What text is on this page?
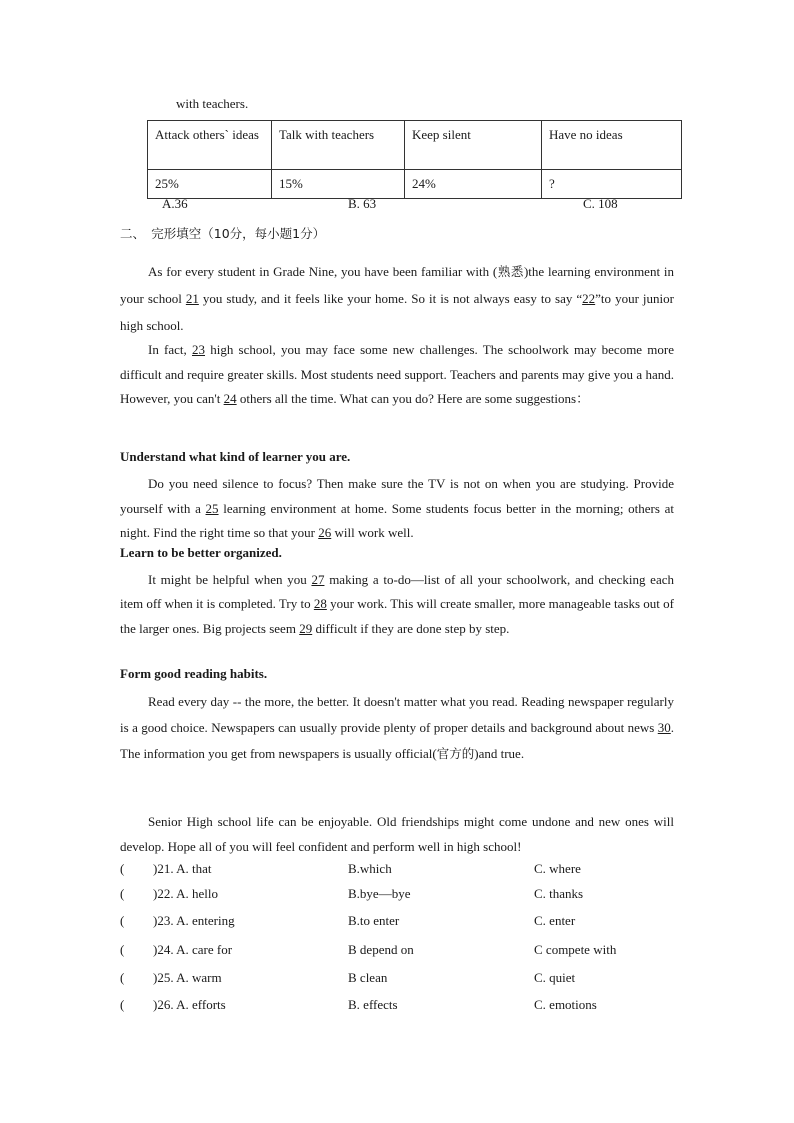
with teachers.
Attack others` ideas	Talk with teachers	Keep silent	Have no ideas
25%	15%	24%	?
A.36	B. 63	C. 108
二、　完形填空（10分，每小题1分）
As for every student in Grade Nine, you have been familiar with (熟悉)the learning environment in your school 21 you study, and it feels like your home. So it is not always easy to say “22”to your junior high school.
In fact, 23 high school, you may face some new challenges. The schoolwork may become more difficult and require greater skills. Most students need support. Teachers and parents may give you a hand. However, you can't 24 others all the time. What can you do? Here are some suggestions：
Understand what kind of learner you are.
Do you need silence to focus? Then make sure the TV is not on when you are studying. Provide yourself with a 25 learning environment at home. Some students focus better in the morning; others at night. Find the right time so that your 26 will work well.
Learn to be better organized.
It might be helpful when you 27 making a to-do—list of all your schoolwork, and checking each item off when it is completed. Try to 28 your work. This will create smaller, more manageable tasks out of the larger ones. Big projects seem 29 difficult if they are done step by step.
Form good reading habits.
Read every day -- the more, the better. It doesn't matter what you read. Reading newspaper regularly is a good choice. Newspapers can usually provide plenty of proper details and background about news 30. The information you get from newspapers is usually official(官方的)and true.
Senior High school life can be enjoyable. Old friendships might come undone and new ones will develop. Hope all of you will feel confident and perform well in high school!
( )21. A. that	B.which	C. where
( )22. A. hello	B.bye—bye	C. thanks
( )23. A. entering	B.to enter	C. enter
( )24. A. care for	B depend on	C compete with
( )25. A. warm	B clean	C. quiet
( )26. A. efforts	B. effects	C. emotions
